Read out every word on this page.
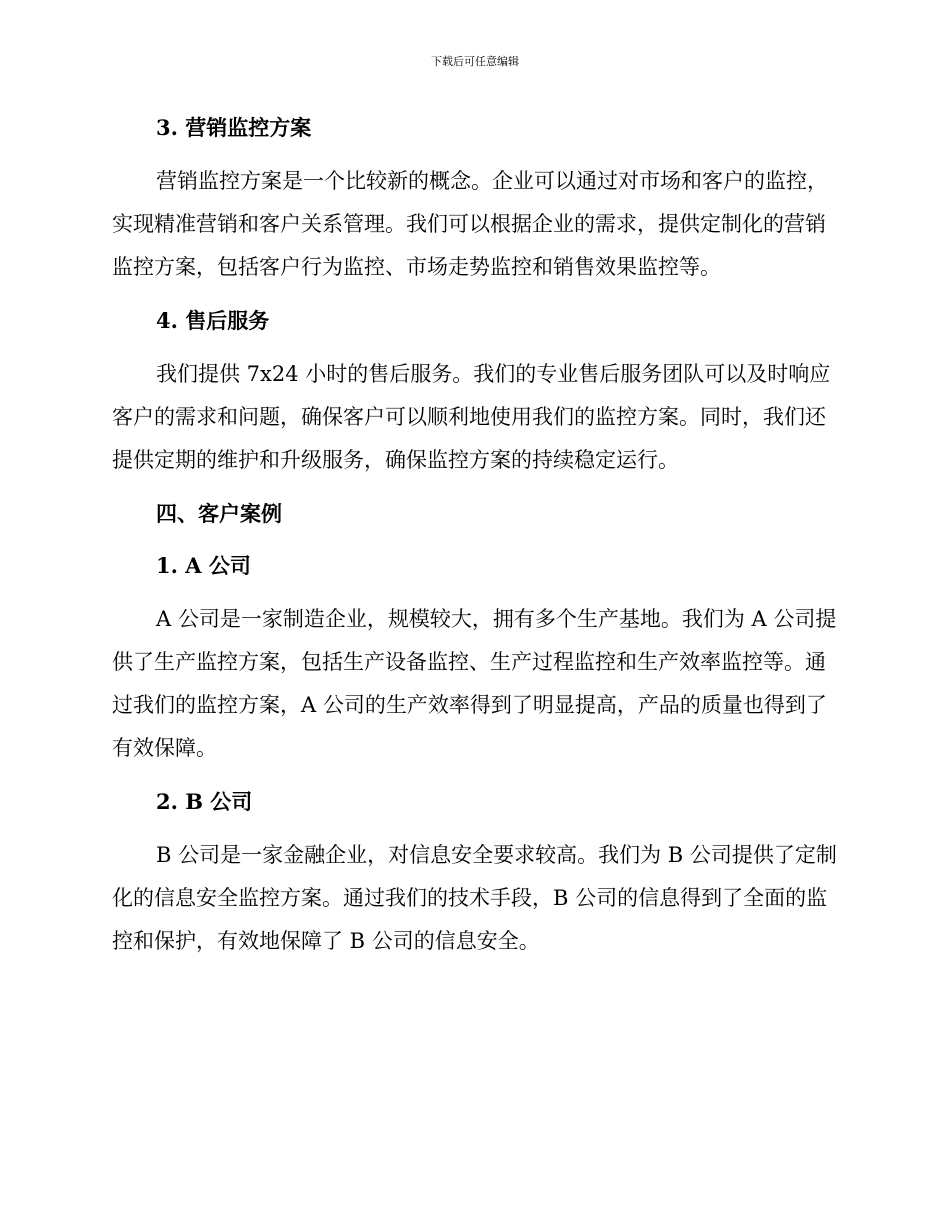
下载后可任意编辑
3. 营销监控方案

营销监控方案是一个比较新的概念。企业可以通过对市场和客户的监控，实现精准营销和客户关系管理。我们可以根据企业的需求，提供定制化的营销监控方案，包括客户行为监控、市场走势监控和销售效果监控等。

4. 售后服务

我们提供 7x24 小时的售后服务。我们的专业售后服务团队可以及时响应客户的需求和问题，确保客户可以顺利地使用我们的监控方案。同时，我们还提供定期的维护和升级服务，确保监控方案的持续稳定运行。

四、客户案例
1. A 公司

A 公司是一家制造企业，规模较大，拥有多个生产基地。我们为 A 公司提供了生产监控方案，包括生产设备监控、生产过程监控和生产效率监控等。通过我们的监控方案，A 公司的生产效率得到了明显提高，产品的质量也得到了有效保障。

2. B 公司

B 公司是一家金融企业，对信息安全要求较高。我们为 B 公司提供了定制化的信息安全监控方案。通过我们的技术手段，B 公司的信息得到了全面的监控和保护，有效地保障了 B 公司的信息安全。
